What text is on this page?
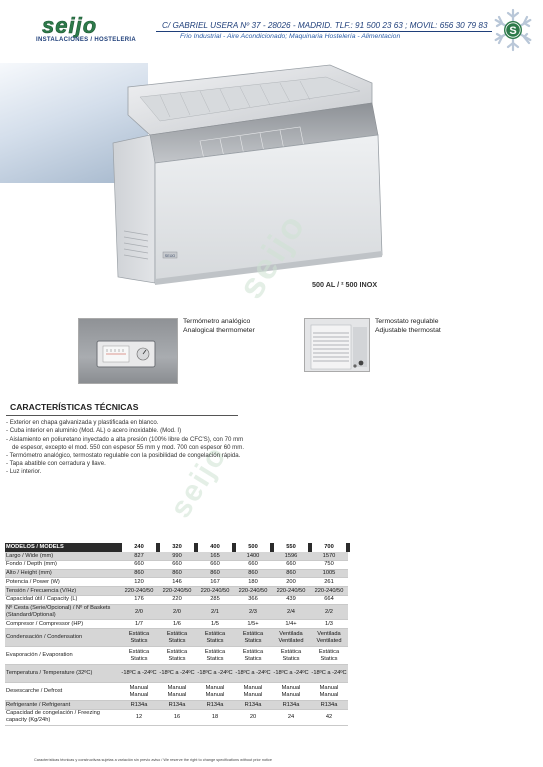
seijo
INSTALACIONES / HOSTELERIA
C/ GABRIEL USERA Nº 37 - 28026 - MADRID. TLF.: 91 500 23 63 ; MOVIL: 656 30 79 83
Frio Industrial - Aire Acondicionado; Maquinaria Hostelería - Alimentacion	S
SEIJO
500 AL / ² 500 INOX
seijo
seijo
Termómetro analógico
Analogical thermometer
Termostato regulable
Adjustable thermostat
CARACTERÍSTICAS TÉCNICAS
- Exterior en chapa galvanizada y plastificada en blanco.
- Cuba interior en aluminio (Mod. AL) o acero inoxidable. (Mod. I)
- Aislamiento en poliuretano inyectado a alta presión (100% libre de CFC'S), con 70 mm de espesor, excepto el mod. 550 con espesor 55 mm y mod. 700 con espesor 60 mm.
- Termómetro analógico, termostato regulable con la posibilidad de congelación rápida.
- Tapa abatible con cerradura y llave.
- Luz interior.
MODELOS / MODELS	240	320	400	500	550	700
Largo / Wide (mm)	827	990	165	1400	1596	1570
Fondo / Depth (mm)	660	660	660	660	660	750
Alto / Height (mm)	860	860	860	860	860	1005
Potencia / Power (W)	120	146	167	180	200	261
Tensión / Frecuencia (V/Hz)	220-240/50	220-240/50	220-240/50	220-240/50	220-240/50	220-240/50
Capacidad útil / Capacity (L)	176	220	285	366	439	664
Nº Cesta (Serie/Opcional) / Nº of Baskets (Standard/Optional)	2/0	2/0	2/1	2/3	2/4	2/2
Compresor / Compressor (HP)	1/7	1/6	1/5	1/5+	1/4+	1/3
Condensación / Condensation	Estática Statics	Estática Statics	Estática Statics	Estática Statics	Ventilada Ventilated	Ventilada Ventilated
Evaporación / Evaporation	Estática Statics	Estática Statics	Estática Statics	Estática Statics	Estática Statics	Estática Statics
Temperatura / Temperature (32ºC)	-18ºC a -24ºC	-18ºC a -24ºC	-18ºC a -24ºC	-18ºC a -24ºC	-18ºC a -24ºC	-18ºC a -24ºC
Desescarche / Defrost	Manual Manual	Manual Manual	Manual Manual	Manual Manual	Manual Manual	Manual Manual
Refrigerante / Refrigerant	R134a	R134a	R134a	R134a	R134a	R134a
Capacidad de congelación / Freezing capacity (Kg/24h)	12	16	18	20	24	42
Características técnicas y constructivas sujetas a variación sin previo aviso / We reserve the right to change specifications without prior notice
